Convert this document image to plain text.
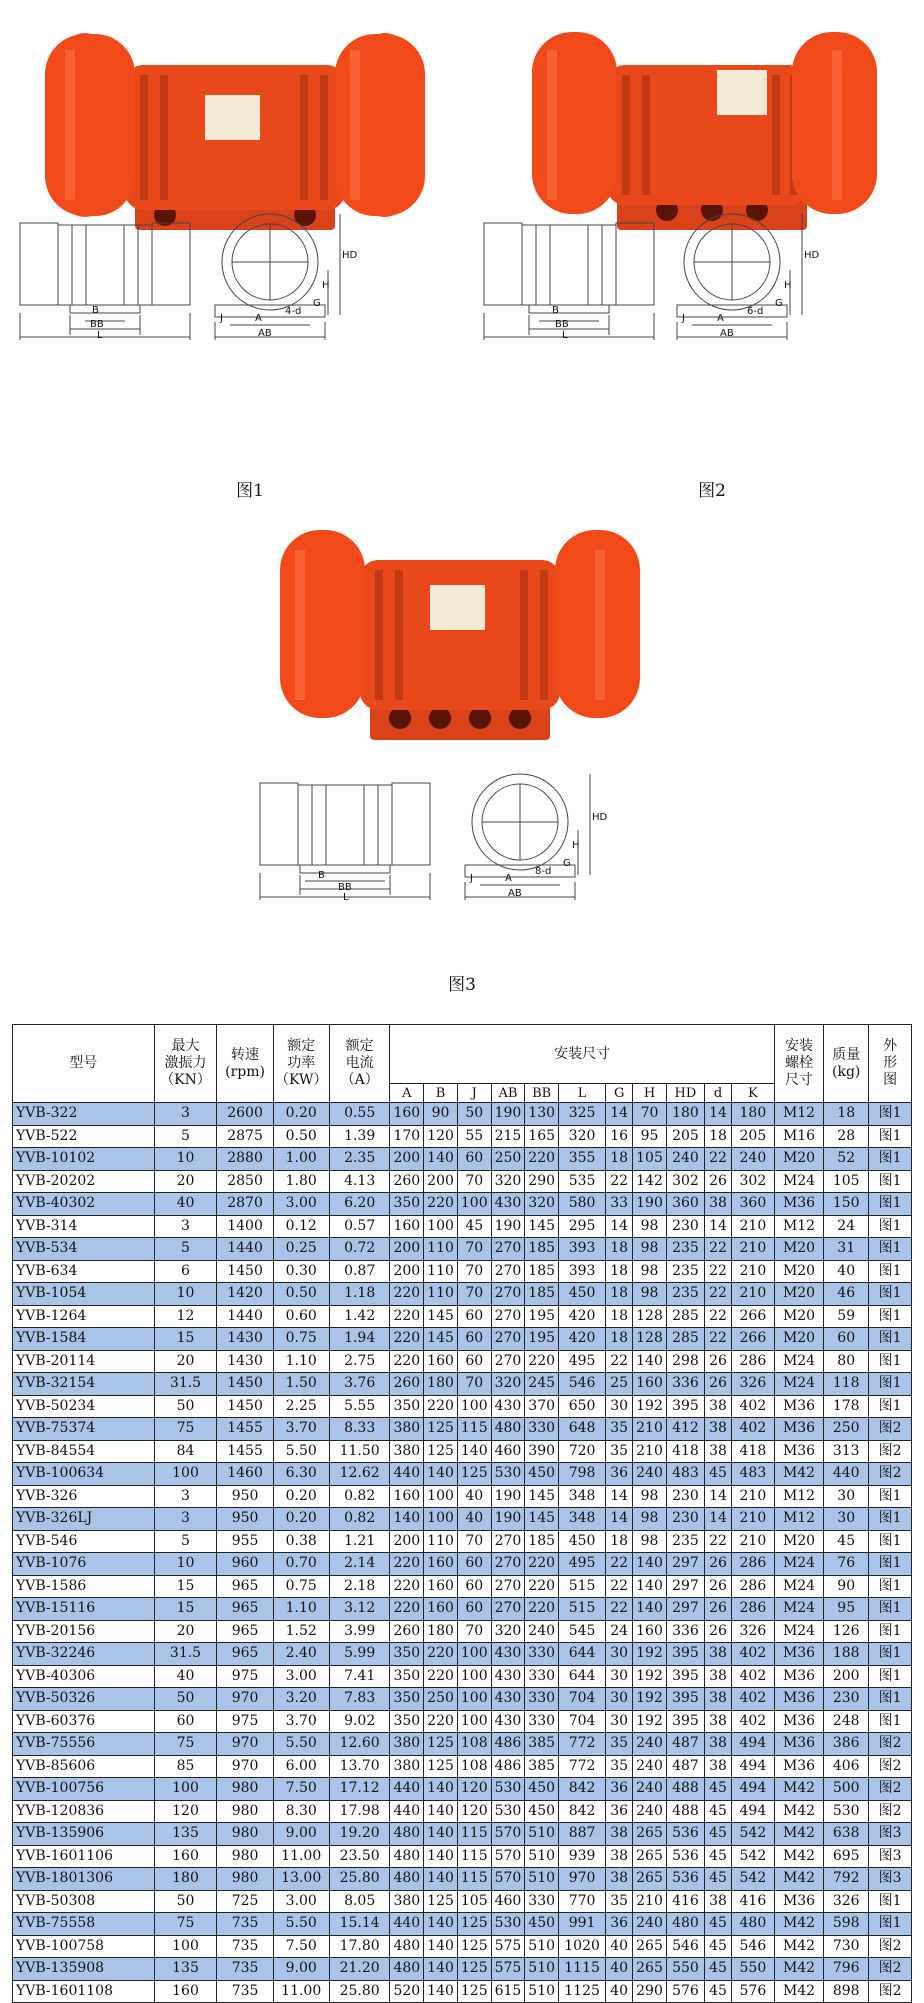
B
BB
L
HD
H
G
J	A
4-d
AB
图1
B
BB
L
HD
H
G
J	A
6-d
AB
图2
B
BB
L
HD
H
G
J	A
8-d
AB
图3
型号	最大
激振力
（KN）	转速
(rpm)	额定
功率
（KW）	额定
电流
（A）	安装尺寸											安装
螺栓
尺寸	质量
(kg)	外
形
图
					A	B	J	AB	BB	L	G	H	HD	d	K			
YVB-322	3	2600	0.20	0.55	160	90	50	190	130	325	14	70	180	14	180	M12	18	图1
YVB-522	5	2875	0.50	1.39	170	120	55	215	165	320	16	95	205	18	205	M16	28	图1
YVB-10102	10	2880	1.00	2.35	200	140	60	250	220	355	18	105	240	22	240	M20	52	图1
YVB-20202	20	2850	1.80	4.13	260	200	70	320	290	535	22	142	302	26	302	M24	105	图1
YVB-40302	40	2870	3.00	6.20	350	220	100	430	320	580	33	190	360	38	360	M36	150	图1
YVB-314	3	1400	0.12	0.57	160	100	45	190	145	295	14	98	230	14	210	M12	24	图1
YVB-534	5	1440	0.25	0.72	200	110	70	270	185	393	18	98	235	22	210	M20	31	图1
YVB-634	6	1450	0.30	0.87	200	110	70	270	185	393	18	98	235	22	210	M20	40	图1
YVB-1054	10	1420	0.50	1.18	220	110	70	270	185	450	18	98	235	22	210	M20	46	图1
YVB-1264	12	1440	0.60	1.42	220	145	60	270	195	420	18	128	285	22	266	M20	59	图1
YVB-1584	15	1430	0.75	1.94	220	145	60	270	195	420	18	128	285	22	266	M20	60	图1
YVB-20114	20	1430	1.10	2.75	220	160	60	270	220	495	22	140	298	26	286	M24	80	图1
YVB-32154	31.5	1450	1.50	3.76	260	180	70	320	245	546	25	160	336	26	326	M24	118	图1
YVB-50234	50	1450	2.25	5.55	350	220	100	430	370	650	30	192	395	38	402	M36	178	图1
YVB-75374	75	1455	3.70	8.33	380	125	115	480	330	648	35	210	412	38	402	M36	250	图2
YVB-84554	84	1455	5.50	11.50	380	125	140	460	390	720	35	210	418	38	418	M36	313	图2
YVB-100634	100	1460	6.30	12.62	440	140	125	530	450	798	36	240	483	45	483	M42	440	图2
YVB-326	3	950	0.20	0.82	160	100	40	190	145	348	14	98	230	14	210	M12	30	图1
YVB-326LJ	3	950	0.20	0.82	140	100	40	190	145	348	14	98	230	14	210	M12	30	图1
YVB-546	5	955	0.38	1.21	200	110	70	270	185	450	18	98	235	22	210	M20	45	图1
YVB-1076	10	960	0.70	2.14	220	160	60	270	220	495	22	140	297	26	286	M24	76	图1
YVB-1586	15	965	0.75	2.18	220	160	60	270	220	515	22	140	297	26	286	M24	90	图1
YVB-15116	15	965	1.10	3.12	220	160	60	270	220	515	22	140	297	26	286	M24	95	图1
YVB-20156	20	965	1.52	3.99	260	180	70	320	240	545	24	160	336	26	326	M24	126	图1
YVB-32246	31.5	965	2.40	5.99	350	220	100	430	330	644	30	192	395	38	402	M36	188	图1
YVB-40306	40	975	3.00	7.41	350	220	100	430	330	644	30	192	395	38	402	M36	200	图1
YVB-50326	50	970	3.20	7.83	350	250	100	430	330	704	30	192	395	38	402	M36	230	图1
YVB-60376	60	975	3.70	9.02	350	220	100	430	330	704	30	192	395	38	402	M36	248	图1
YVB-75556	75	970	5.50	12.60	380	125	108	486	385	772	35	240	487	38	494	M36	386	图2
YVB-85606	85	970	6.00	13.70	380	125	108	486	385	772	35	240	487	38	494	M36	406	图2
YVB-100756	100	980	7.50	17.12	440	140	120	530	450	842	36	240	488	45	494	M42	500	图2
YVB-120836	120	980	8.30	17.98	440	140	120	530	450	842	36	240	488	45	494	M42	530	图2
YVB-135906	135	980	9.00	19.20	480	140	115	570	510	887	38	265	536	45	542	M42	638	图3
YVB-1601106	160	980	11.00	23.50	480	140	115	570	510	939	38	265	536	45	542	M42	695	图3
YVB-1801306	180	980	13.00	25.80	480	140	115	570	510	970	38	265	536	45	542	M42	792	图3
YVB-50308	50	725	3.00	8.05	380	125	105	460	330	770	35	210	416	38	416	M36	326	图1
YVB-75558	75	735	5.50	15.14	440	140	125	530	450	991	36	240	480	45	480	M42	598	图1
YVB-100758	100	735	7.50	17.80	480	140	125	575	510	1020	40	265	546	45	546	M42	730	图2
YVB-135908	135	735	9.00	21.20	480	140	125	575	510	1115	40	265	550	45	550	M42	796	图2
YVB-1601108	160	735	11.00	25.80	520	140	125	615	510	1125	40	290	576	45	576	M42	898	图2
